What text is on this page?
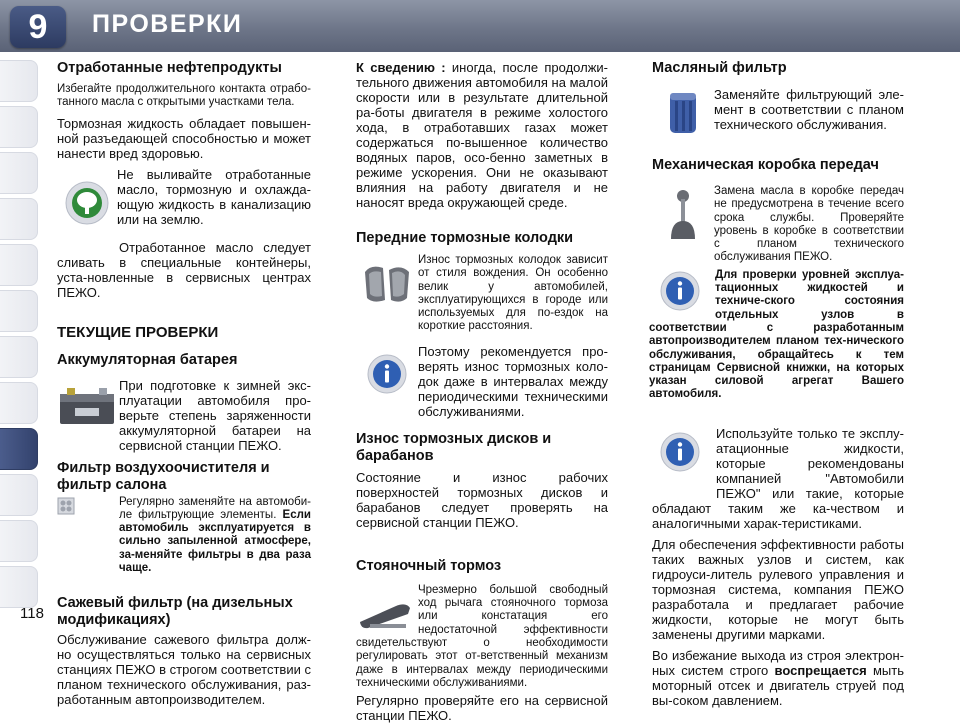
9	ПРОВЕРКИ
Отработанные нефтепродукты

Избегайте продолжительного контакта отрабо-танного масла с открытыми участками тела.

Тормозная жидкость обладает повышен-ной разъедающей способностью и может нанести вред здоровью.

Не выливайте отработанные масло, тормозную и охлажда-ющую жидкость в канализацию или на землю.

Отработанное масло следует сливать в специальные контейнеры, уста-новленные в сервисных центрах ПЕЖО.

ТЕКУЩИЕ ПРОВЕРКИ
Аккумуляторная батарея

При подготовке к зимней экс-плуатации автомобиля про-верьте степень заряженности аккумуляторной батареи на сервисной станции ПЕЖО.

Фильтр воздухоочистителя и фильтр салона

Регулярно заменяйте на автомоби-ле фильтрующие элементы. Если автомобиль эксплуатируется в сильно запыленной атмосфере, за-меняйте фильтры в два раза чаще.

Сажевый фильтр (на дизельных модификациях)

Обслуживание сажевого фильтра долж-но осуществляться только на сервисных станциях ПЕЖО в строгом соответствии с планом технического обслуживания, раз-работанным автопроизводителем.

К сведению : иногда, после продолжи-тельного движения автомобиля на малой скорости или в результате длительной ра-боты двигателя в режиме холостого хода, в отработавших газах может содержаться по-вышенное количество водяных паров, осо-бенно заметных в режиме ускорения. Они не оказывают влияния на работу двигателя и не наносят вреда окружающей среде.

Передние тормозные колодки

Износ тормозных колодок зависит от стиля вождения. Он особенно велик у автомобилей, эксплуатирующихся в городе или используемых для по-ездок на короткие расстояния.

Поэтому рекомендуется про-верять износ тормозных коло-док даже в интервалах между периодическими техническими обслуживаниями.

Износ тормозных дисков и барабанов

Состояние и износ рабочих поверхностей тормозных дисков и барабанов следует проверять на сервисной станции ПЕЖО.

Стояночный тормоз

Чрезмерно большой свободный ход рычага стояночного тормоза или констатация его недостаточной эффективности свидетельствуют о необходимости регулировать этот от-ветственный механизм даже в интервалах между периодическими техническими обслуживаниями.

Регулярно проверяйте его на сервисной станции ПЕЖО.

Масляный фильтр

Заменяйте фильтрующий эле-мент в соответствии с планом технического обслуживания.

Механическая коробка передач

Замена масла в коробке передач не предусмотрена в течение всего срока службы. Проверяйте уровень в коробке в соответствии с планом технического обслуживания ПЕЖО.

Для проверки уровней эксплуа-тационных жидкостей и техниче-ского состояния отдельных узлов в соответствии с разработанным автопроизводителем планом тех-нического обслуживания, обращайтесь к тем страницам Сервисной книжки, на которых указан силовой агрегат Вашего автомобиля.

Используйте только те эксплу-атационные жидкости, которые рекомендованы компанией "Автомобили ПЕЖО" или такие, которые обладают таким же ка-чеством и аналогичными харак-теристиками.

Для обеспечения эффективности работы таких важных узлов и систем, как гидроуси-литель рулевого управления и тормозная система, компания ПЕЖО разработала и предлагает рабочие жидкости, которые не могут быть заменены другими марками.

Во избежание выхода из строя электрон-ных систем строго воспрещается мыть моторный отсек и двигатель струей под вы-соком давлением.

118
